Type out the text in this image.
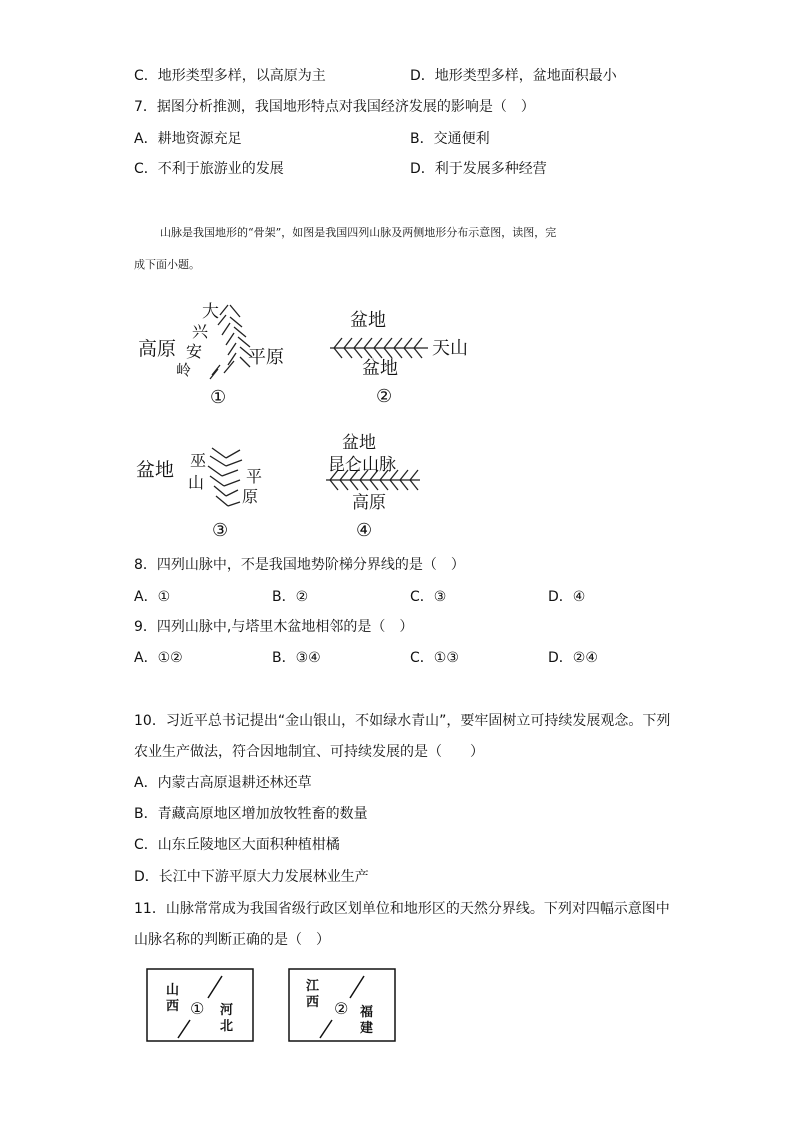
C．地形类型多样，以高原为主	D．地形类型多样，盆地面积最小
7．据图分析推测，我国地形特点对我国经济发展的影响是（　）
A．耕地资源充足	B．交通便利
C．不利于旅游业的发展	D．利于发展多种经营
山脉是我国地形的“骨架”，如图是我国四列山脉及两侧地形分布示意图，读图，完
成下面小题。
高原	平原
大
兴
安
岭
①
盆地
天山
盆地
②
盆地 巫
山	平
原
③
盆地
昆仑山脉
高原
④
8．四列山脉中，不是我国地势阶梯分界线的是（　）
A．①	B．②	C．③	D．④
9．四列山脉中,与塔里木盆地相邻的是（　）
A．①②	B．③④	C．①③	D．②④
10．习近平总书记提出“金山银山，不如绿水青山”，要牢固树立可持续发展观念。下列
农业生产做法，符合因地制宜、可持续发展的是（　　）
A．内蒙古高原退耕还林还草
B．青藏高原地区增加放牧牲畜的数量
C．山东丘陵地区大面积种植柑橘
D．长江中下游平原大力发展林业生产
11．山脉常常成为我国省级行政区划单位和地形区的天然分界线。下列对四幅示意图中
山脉名称的判断正确的是（　）
山
西 ① 河
北
江
西 ② 福
建
